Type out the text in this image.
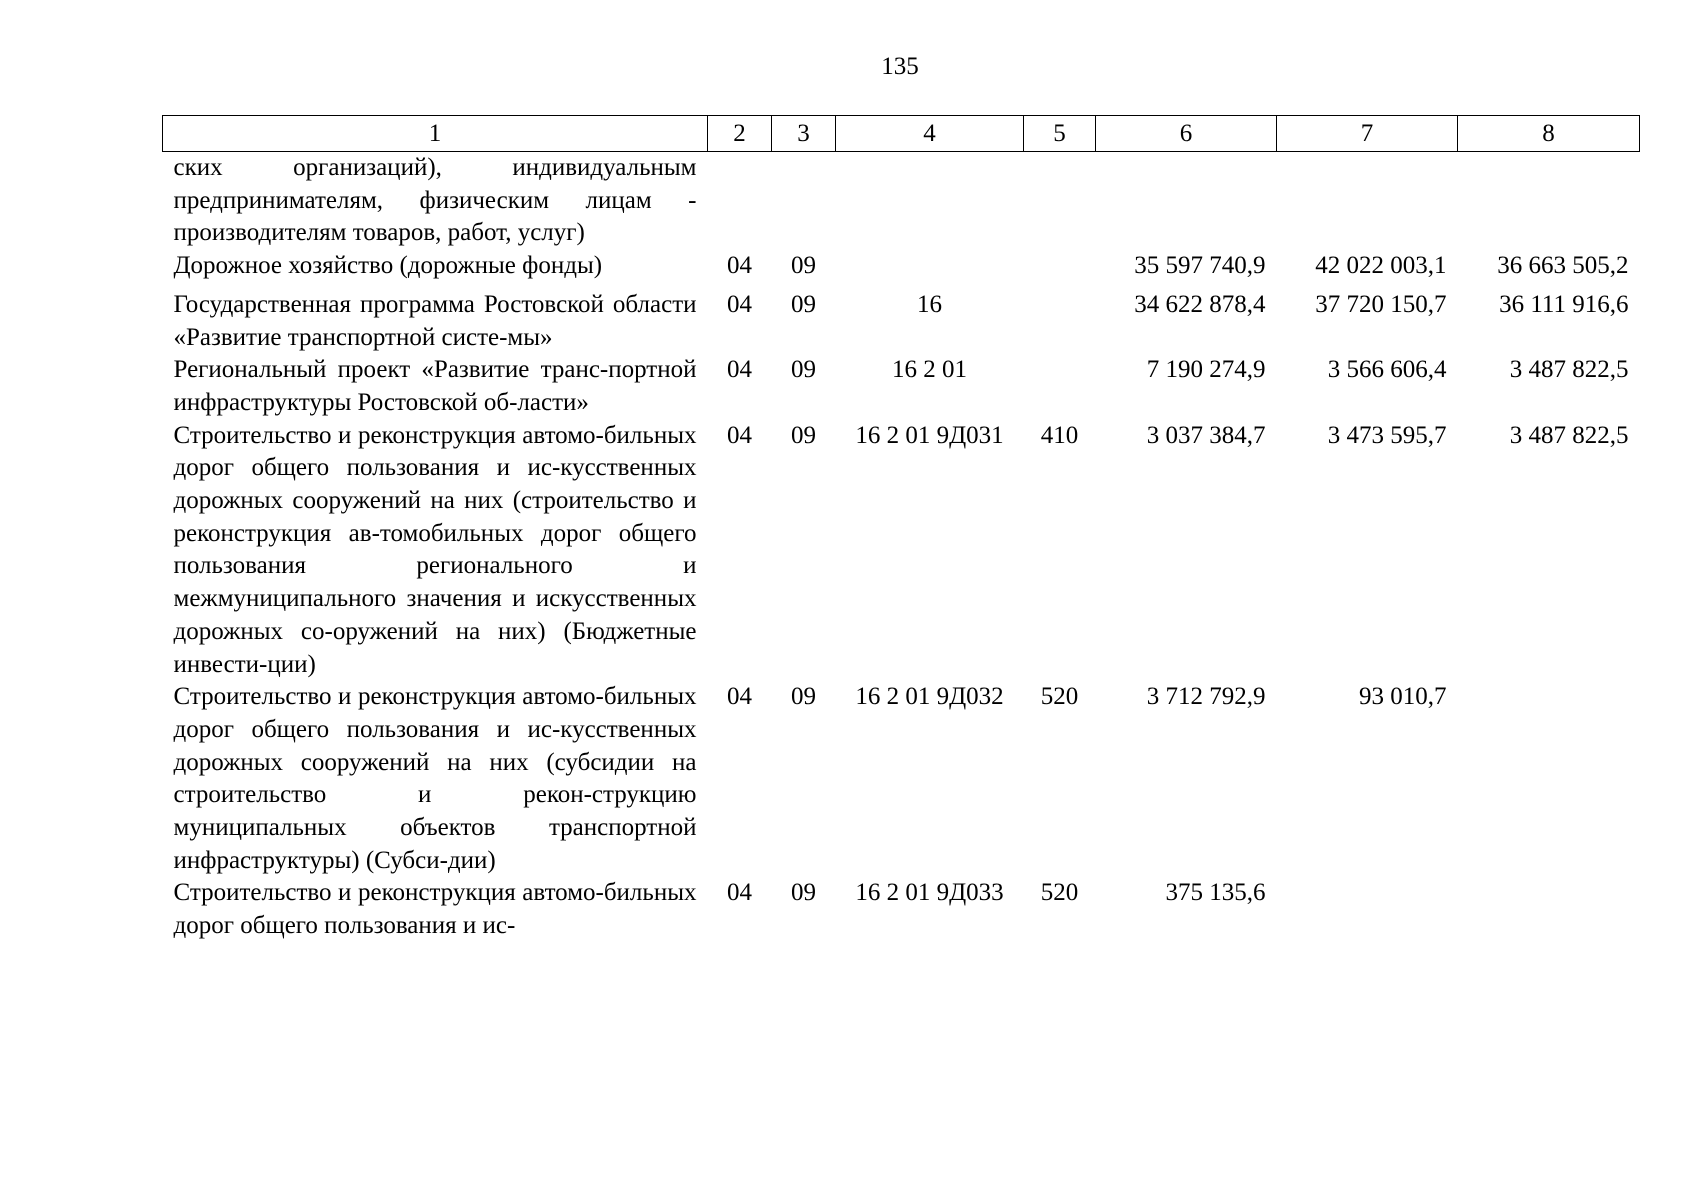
135
1	2	3	4	5	6	7	8
ских организаций), индивидуальным предпринимателям, физическим лицам - производителям товаров, работ, услуг)							
Дорожное хозяйство (дорожные фонды)	04	09			35 597 740,9	42 022 003,1	36 663 505,2
Государственная программа Ростовской области «Развитие транспортной систе-мы»	04	09	16		34 622 878,4	37 720 150,7	36 111 916,6
Региональный проект «Развитие транс-портной инфраструктуры Ростовской об-ласти»	04	09	16 2 01		7 190 274,9	3 566 606,4	3 487 822,5
Строительство и реконструкция автомо-бильных дорог общего пользования и ис-кусственных дорожных сооружений на них (строительство и реконструкция ав-томобильных дорог общего пользования регионального и межмуниципального значения и искусственных дорожных со-оружений на них) (Бюджетные инвести-ции)	04	09	16 2 01 9Д031	410	3 037 384,7	3 473 595,7	3 487 822,5
Строительство и реконструкция автомо-бильных дорог общего пользования и ис-кусственных дорожных сооружений на них (субсидии на строительство и рекон-струкцию муниципальных объектов транспортной инфраструктуры) (Субси-дии)	04	09	16 2 01 9Д032	520	3 712 792,9	93 010,7	
Строительство и реконструкция автомо-бильных дорог общего пользования и ис-	04	09	16 2 01 9Д033	520	375 135,6		
